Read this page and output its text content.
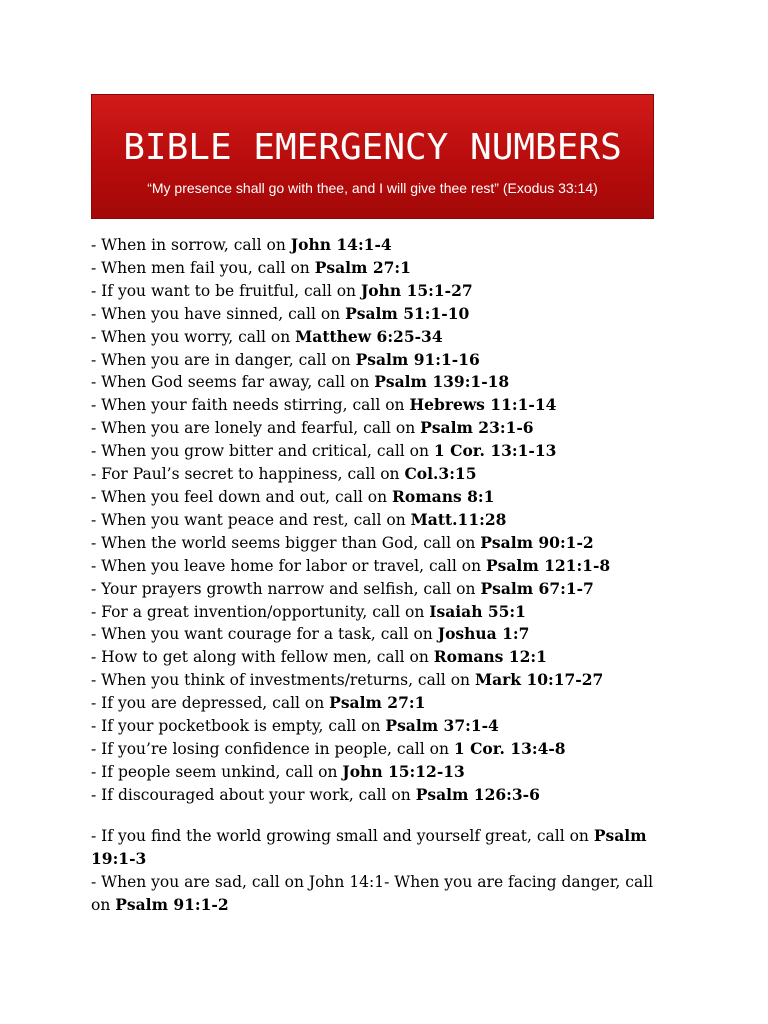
BIBLE EMERGENCY NUMBERS
“My presence shall go with thee, and I will give thee rest” (Exodus 33:14)
- When in sorrow, call on John 14:1-4
- When men fail you, call on Psalm 27:1
- If you want to be fruitful, call on John 15:1-27
- When you have sinned, call on Psalm 51:1-10
- When you worry, call on Matthew 6:25-34
- When you are in danger, call on Psalm 91:1-16
- When God seems far away, call on Psalm 139:1-18
- When your faith needs stirring, call on Hebrews 11:1-14
- When you are lonely and fearful, call on Psalm 23:1-6
- When you grow bitter and critical, call on 1 Cor. 13:1-13
- For Paul’s secret to happiness, call on Col.3:15
- When you feel down and out, call on Romans 8:1
- When you want peace and rest, call on Matt.11:28
- When the world seems bigger than God, call on Psalm 90:1-2
- When you leave home for labor or travel, call on Psalm 121:1-8
- Your prayers growth narrow and selfish, call on Psalm 67:1-7
- For a great invention/opportunity, call on Isaiah 55:1
- When you want courage for a task, call on Joshua 1:7
- How to get along with fellow men, call on Romans 12:1
- When you think of investments/returns, call on Mark 10:17-27
- If you are depressed, call on Psalm 27:1
- If your pocketbook is empty, call on Psalm 37:1-4
- If you’re losing confidence in people, call on 1 Cor. 13:4-8
- If people seem unkind, call on John 15:12-13
- If discouraged about your work, call on Psalm 126:3-6

- If you find the world growing small and yourself great, call on Psalm 19:1-3

- When you are sad, call on John 14:1- When you are facing danger, call on Psalm 91:1-2
